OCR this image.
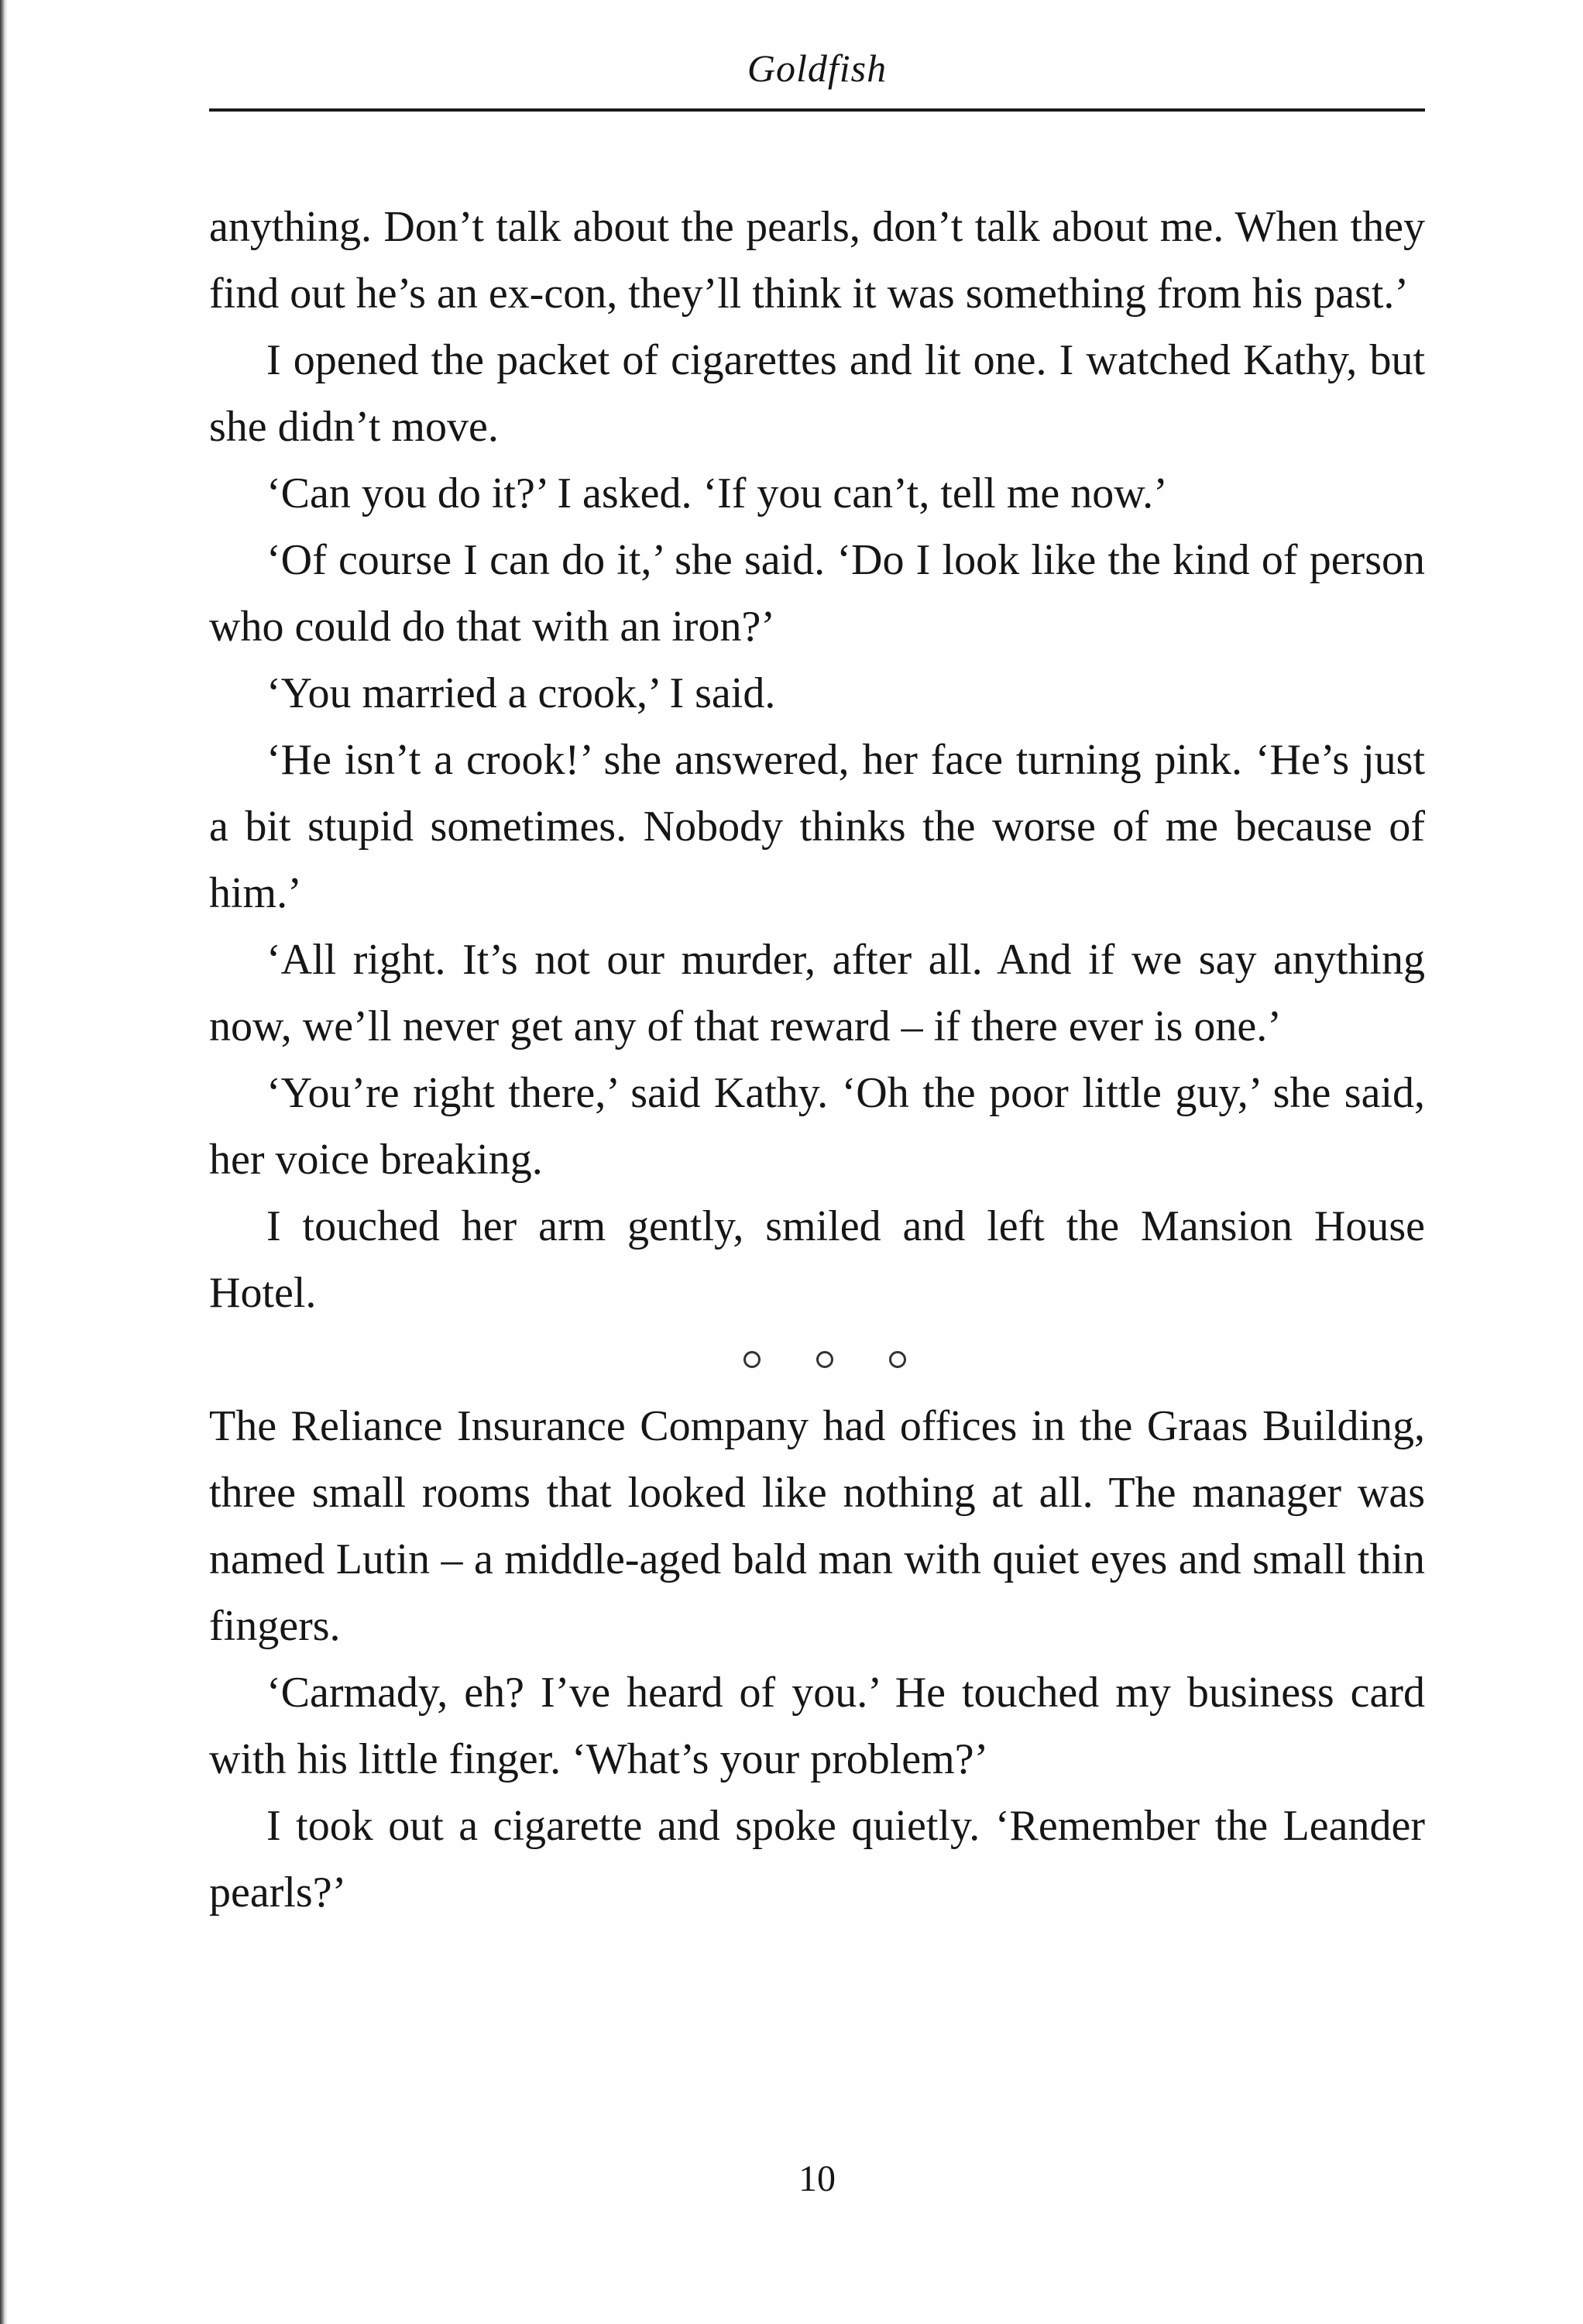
Goldfish

anything. Don’t talk about the pearls, don’t talk about me. When they find out he’s an ex-con, they’ll think it was something from his past.’

I opened the packet of cigarettes and lit one. I watched Kathy, but she didn’t move.

‘Can you do it?’ I asked. ‘If you can’t, tell me now.’

‘Of course I can do it,’ she said. ‘Do I look like the kind of person who could do that with an iron?’

‘You married a crook,’ I said.

‘He isn’t a crook!’ she answered, her face turning pink. ‘He’s just a bit stupid sometimes. Nobody thinks the worse of me because of him.’

‘All right. It’s not our murder, after all. And if we say anything now, we’ll never get any of that reward – if there ever is one.’

‘You’re right there,’ said Kathy. ‘Oh the poor little guy,’ she said, her voice breaking.

I touched her arm gently, smiled and left the Mansion House Hotel.

The Reliance Insurance Company had offices in the Graas Building, three small rooms that looked like nothing at all. The manager was named Lutin – a middle-aged bald man with quiet eyes and small thin fingers.

‘Carmady, eh? I’ve heard of you.’ He touched my business card with his little finger. ‘What’s your problem?’

I took out a cigarette and spoke quietly. ‘Remember the Leander pearls?’

10
